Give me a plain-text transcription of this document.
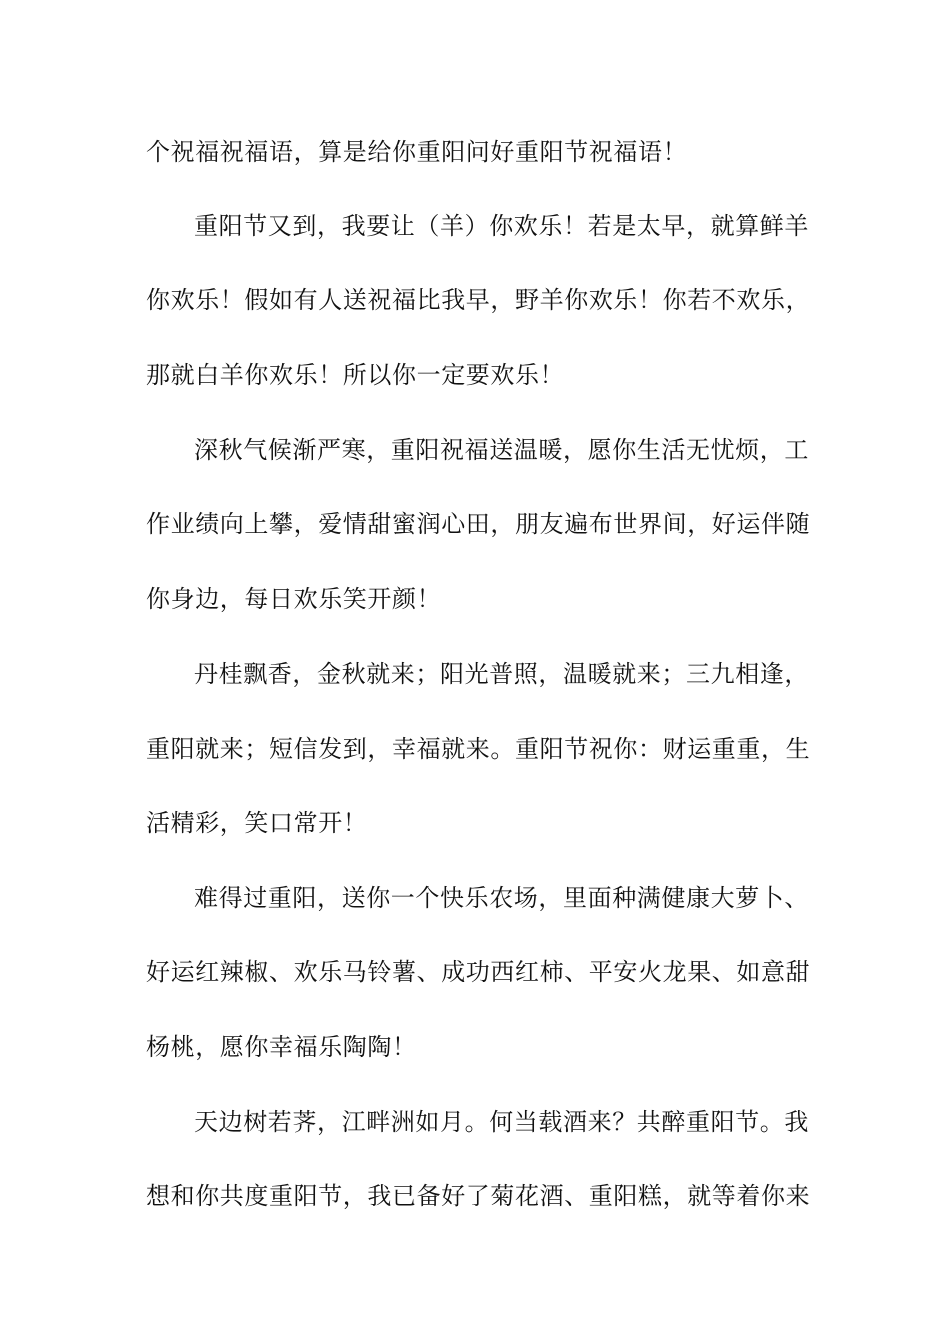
个祝福祝福语，算是给你重阳问好重阳节祝福语！
重阳节又到，我要让（羊）你欢乐！若是太早，就算鲜羊
你欢乐！假如有人送祝福比我早，野羊你欢乐！你若不欢乐，
那就白羊你欢乐！所以你一定要欢乐！
深秋气候渐严寒，重阳祝福送温暖，愿你生活无忧烦，工
作业绩向上攀，爱情甜蜜润心田，朋友遍布世界间，好运伴随
你身边，每日欢乐笑开颜！
丹桂飘香，金秋就来；阳光普照，温暖就来；三九相逢，
重阳就来；短信发到，幸福就来。重阳节祝你：财运重重，生
活精彩，笑口常开！
难得过重阳，送你一个快乐农场，里面种满健康大萝卜、
好运红辣椒、欢乐马铃薯、成功西红柿、平安火龙果、如意甜
杨桃，愿你幸福乐陶陶！
天边树若荠，江畔洲如月。何当载酒来？共醉重阳节。我
想和你共度重阳节，我已备好了菊花酒、重阳糕，就等着你来
